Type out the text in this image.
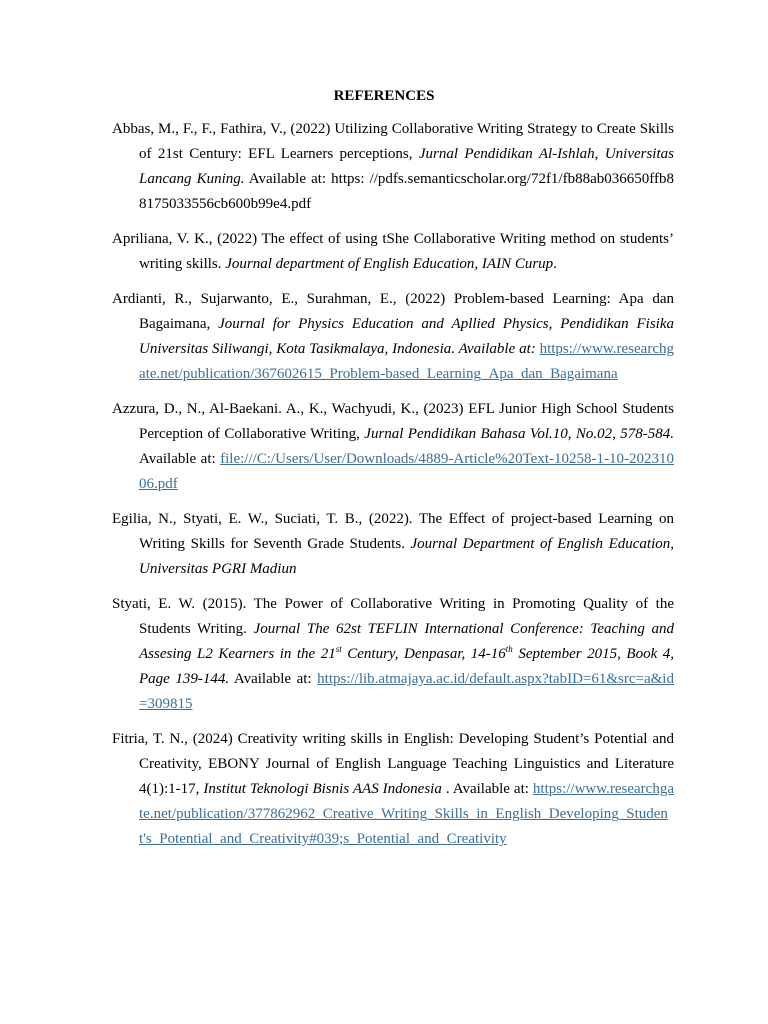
REFERENCES

Abbas, M., F., F., Fathira, V., (2022) Utilizing Collaborative Writing Strategy to Create Skills of 21st Century: EFL Learners perceptions, Jurnal Pendidikan Al-Ishlah, Universitas Lancang Kuning. Available at: https: //pdfs.semanticscholar.org/72f1/fb88ab036650ffb88175033556cb600b99e4.pdf

Apriliana, V. K., (2022) The effect of using tShe Collaborative Writing method on students’ writing skills. Journal department of English Education, IAIN Curup.

Ardianti, R., Sujarwanto, E., Surahman, E., (2022) Problem-based Learning: Apa dan Bagaimana, Journal for Physics Education and Apllied Physics, Pendidikan Fisika Universitas Siliwangi, Kota Tasikmalaya, Indonesia. Available at: https://www.researchgate.net/publication/367602615_Problem-based_Learning_Apa_dan_Bagaimana

Azzura, D., N., Al-Baekani. A., K., Wachyudi, K., (2023) EFL Junior High School Students Perception of Collaborative Writing, Jurnal Pendidikan Bahasa Vol.10, No.02, 578-584. Available at: file:///C:/Users/User/Downloads/4889-Article%20Text-10258-1-10-20231006.pdf

Egilia, N., Styati, E. W., Suciati, T. B., (2022). The Effect of project-based Learning on Writing Skills for Seventh Grade Students. Journal Department of English Education, Universitas PGRI Madiun

Styati, E. W. (2015). The Power of Collaborative Writing in Promoting Quality of the Students Writing. Journal The 62st TEFLIN International Conference: Teaching and Assesing L2 Kearners in the 21st Century, Denpasar, 14-16th September 2015, Book 4, Page 139-144. Available at: https://lib.atmajaya.ac.id/default.aspx?tabID=61&src=a&id=309815

Fitria, T. N., (2024) Creativity writing skills in English: Developing Student’s Potential and Creativity, EBONY Journal of English Language Teaching Linguistics and Literature 4(1):1-17, Institut Teknologi Bisnis AAS Indonesia . Available at: https://www.researchgate.net/publication/377862962_Creative_Writing_Skills_in_English_Developing_Student's_Potential_and_Creativity#039;s_Potential_and_Creativity
